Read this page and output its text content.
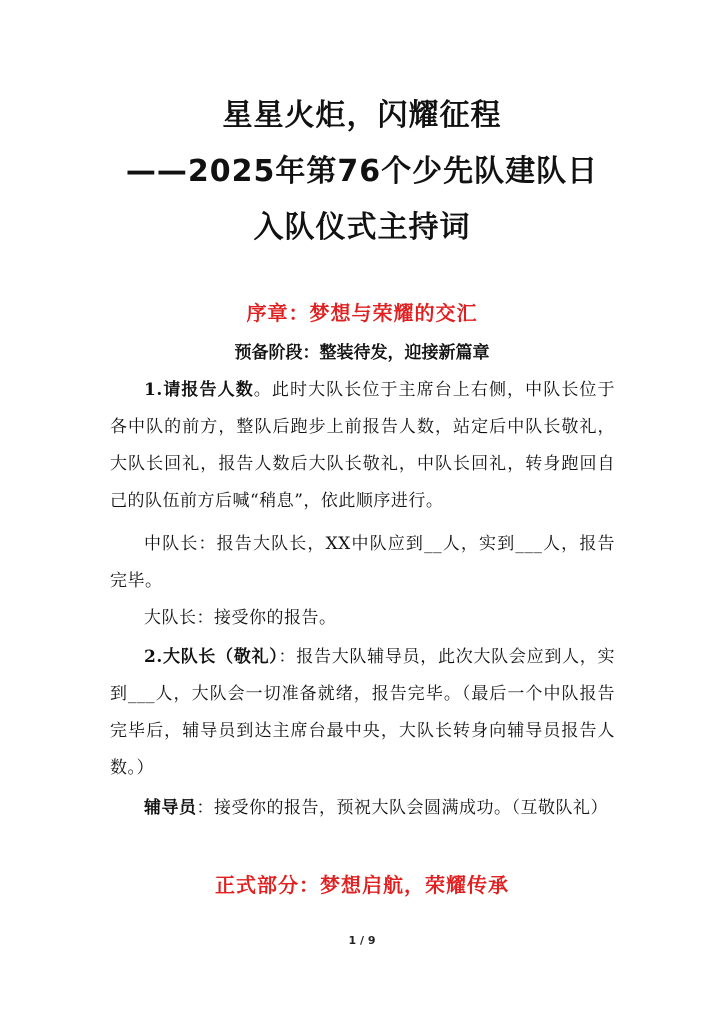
星星火炬，闪耀征程
——2025年第76个少先队建队日
入队仪式主持词
序章：梦想与荣耀的交汇
预备阶段：整装待发，迎接新篇章
1.请报告人数。此时大队长位于主席台上右侧，中队长位于各中队的前方，整队后跑步上前报告人数，站定后中队长敬礼，大队长回礼，报告人数后大队长敬礼，中队长回礼，转身跑回自己的队伍前方后喊“稍息”，依此顺序进行。
中队长：报告大队长，XX中队应到__人，实到___人，报告完毕。
大队长：接受你的报告。
2.大队长（敬礼）：报告大队辅导员，此次大队会应到人，实到___人，大队会一切准备就绪，报告完毕。（最后一个中队报告完毕后，辅导员到达主席台最中央，大队长转身向辅导员报告人数。）
辅导员：接受你的报告，预祝大队会圆满成功。（互敬队礼）
正式部分：梦想启航，荣耀传承
1 / 9
